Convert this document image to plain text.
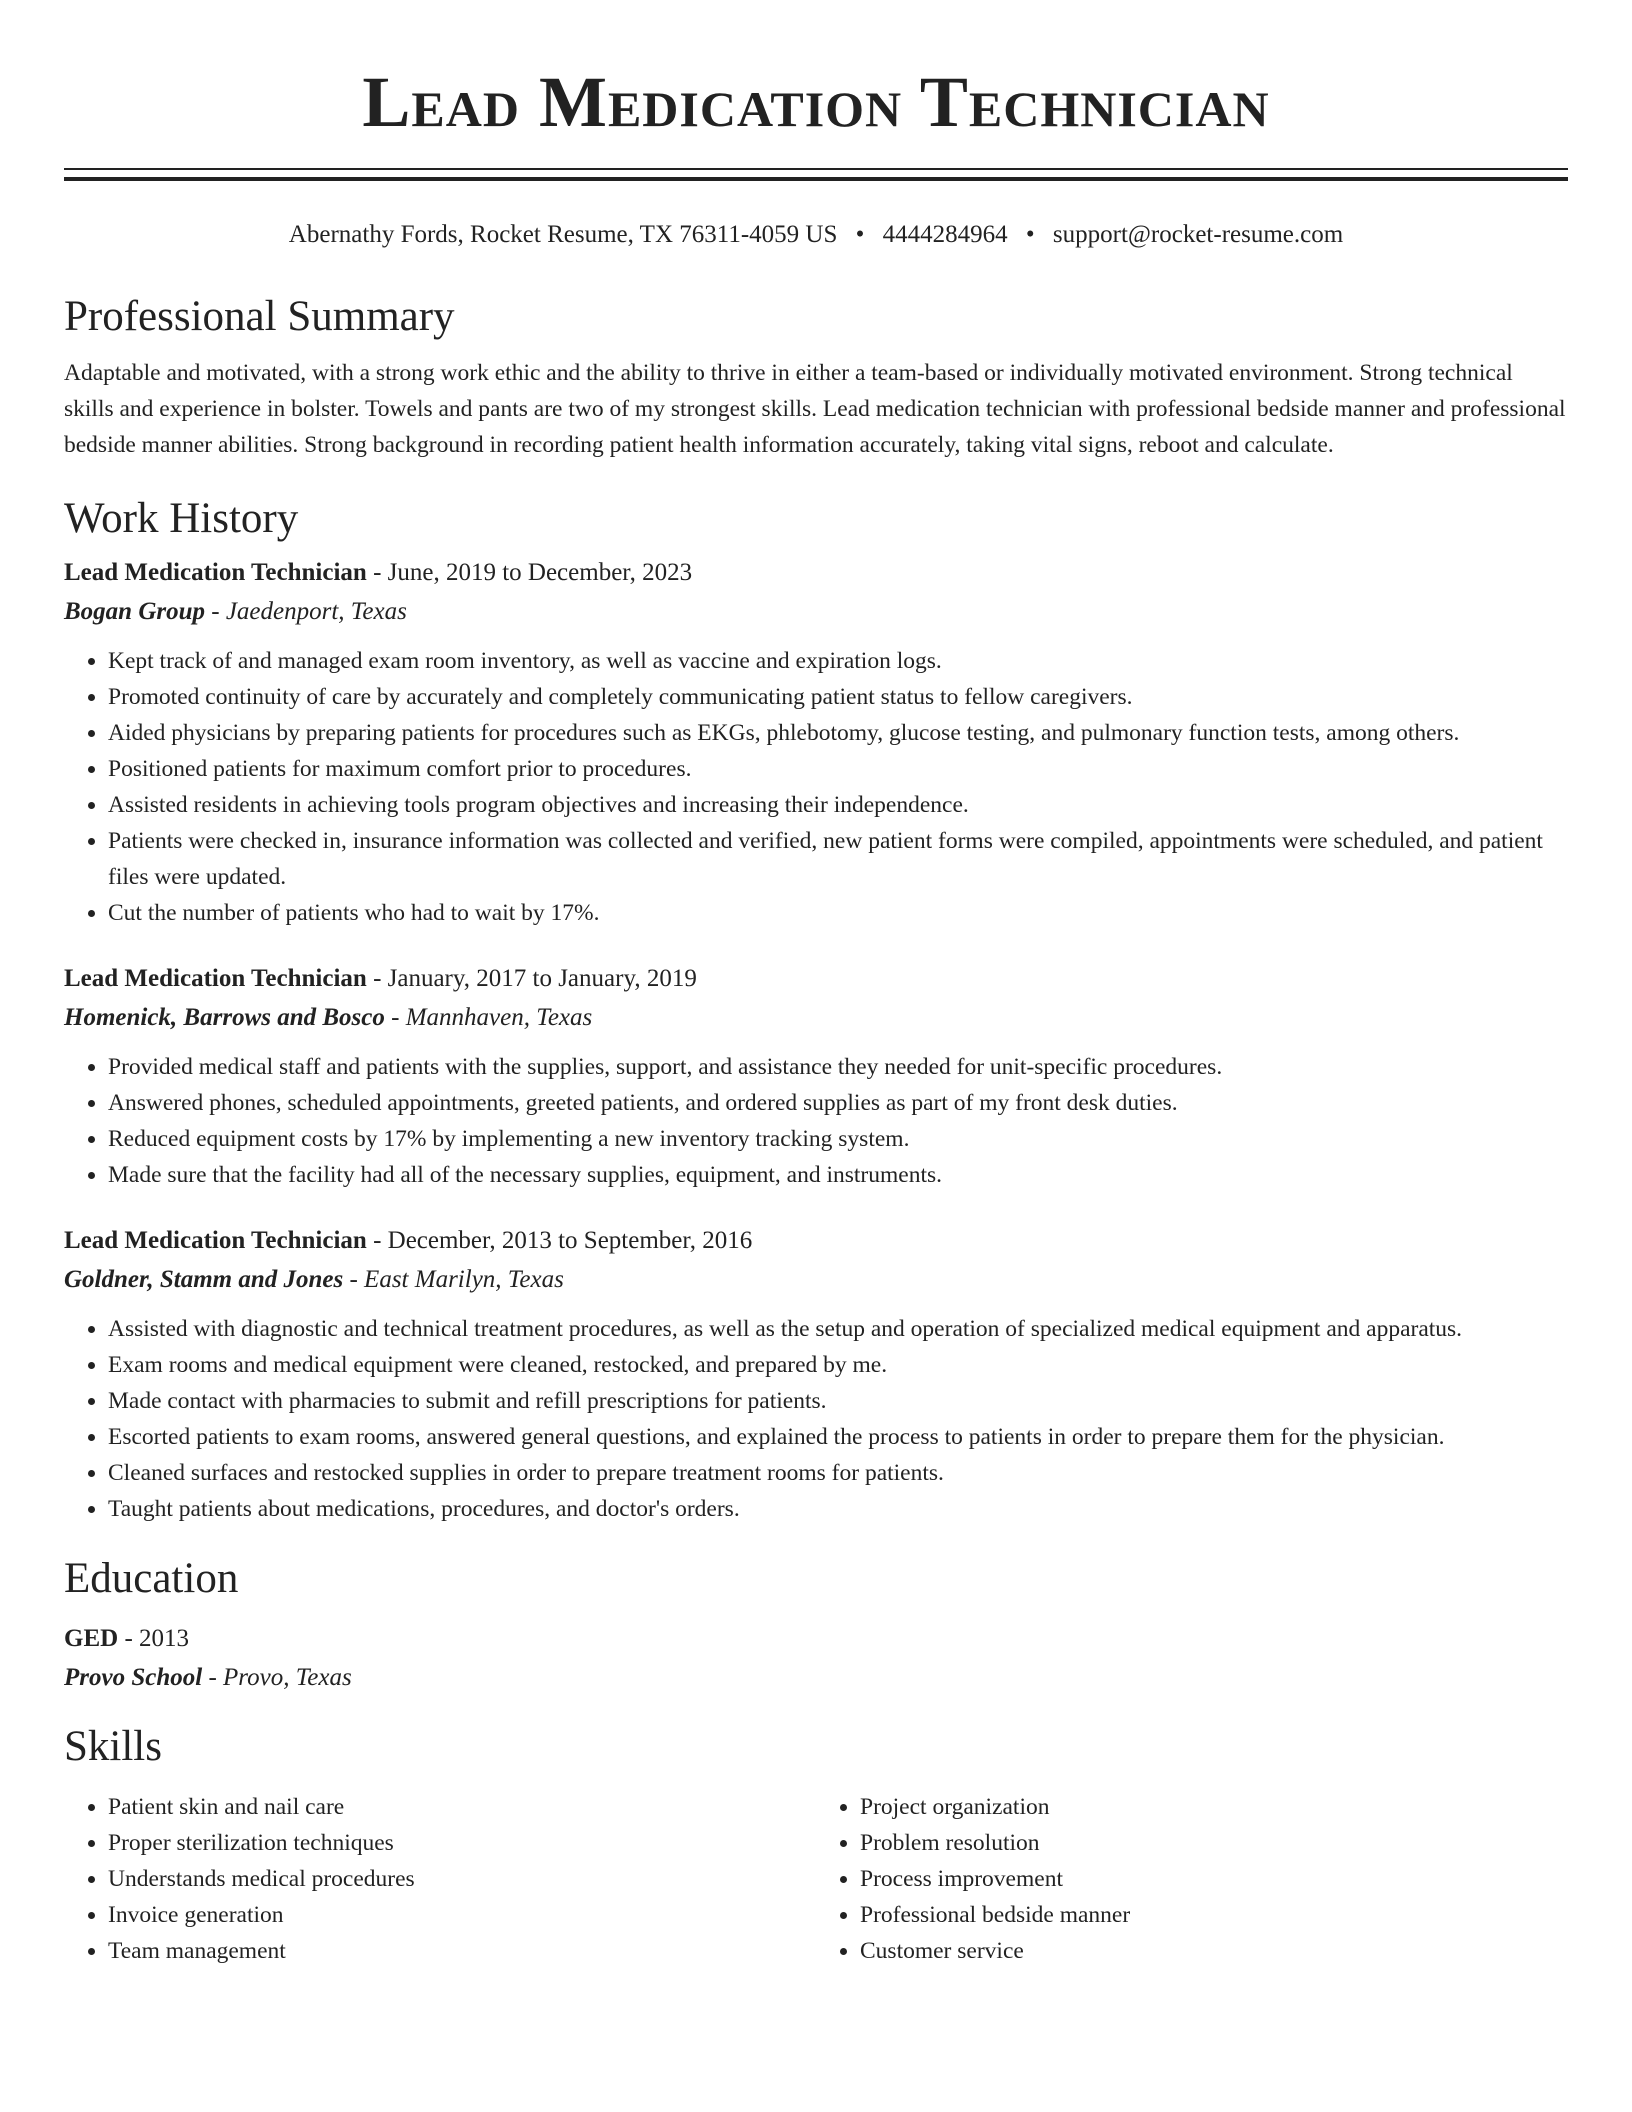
Lead Medication Technician
Abernathy Fords, Rocket Resume, TX 76311-4059 US • 4444284964 • support@rocket-resume.com
Professional Summary

Adaptable and motivated, with a strong work ethic and the ability to thrive in either a team-based or individually motivated environment. Strong technical skills and experience in bolster. Towels and pants are two of my strongest skills. Lead medication technician with professional bedside manner and professional bedside manner abilities. Strong background in recording patient health information accurately, taking vital signs, reboot and calculate.

Work History
Lead Medication Technician - June, 2019 to December, 2023
Bogan Group - Jaedenport, Texas
• Kept track of and managed exam room inventory, as well as vaccine and expiration logs.
• Promoted continuity of care by accurately and completely communicating patient status to fellow caregivers.
• Aided physicians by preparing patients for procedures such as EKGs, phlebotomy, glucose testing, and pulmonary function tests, among others.
• Positioned patients for maximum comfort prior to procedures.
• Assisted residents in achieving tools program objectives and increasing their independence.
• Patients were checked in, insurance information was collected and verified, new patient forms were compiled, appointments were scheduled, and patient files were updated.
• Cut the number of patients who had to wait by 17%.
Lead Medication Technician - January, 2017 to January, 2019
Homenick, Barrows and Bosco - Mannhaven, Texas
• Provided medical staff and patients with the supplies, support, and assistance they needed for unit-specific procedures.
• Answered phones, scheduled appointments, greeted patients, and ordered supplies as part of my front desk duties.
• Reduced equipment costs by 17% by implementing a new inventory tracking system.
• Made sure that the facility had all of the necessary supplies, equipment, and instruments.
Lead Medication Technician - December, 2013 to September, 2016
Goldner, Stamm and Jones - East Marilyn, Texas
• Assisted with diagnostic and technical treatment procedures, as well as the setup and operation of specialized medical equipment and apparatus.
• Exam rooms and medical equipment were cleaned, restocked, and prepared by me.
• Made contact with pharmacies to submit and refill prescriptions for patients.
• Escorted patients to exam rooms, answered general questions, and explained the process to patients in order to prepare them for the physician.
• Cleaned surfaces and restocked supplies in order to prepare treatment rooms for patients.
• Taught patients about medications, procedures, and doctor's orders.
Education
GED - 2013
Provo School - Provo, Texas
Skills
• Patient skin and nail care
• Proper sterilization techniques
• Understands medical procedures
• Invoice generation
• Team management
• Project organization
• Problem resolution
• Process improvement
• Professional bedside manner
• Customer service
